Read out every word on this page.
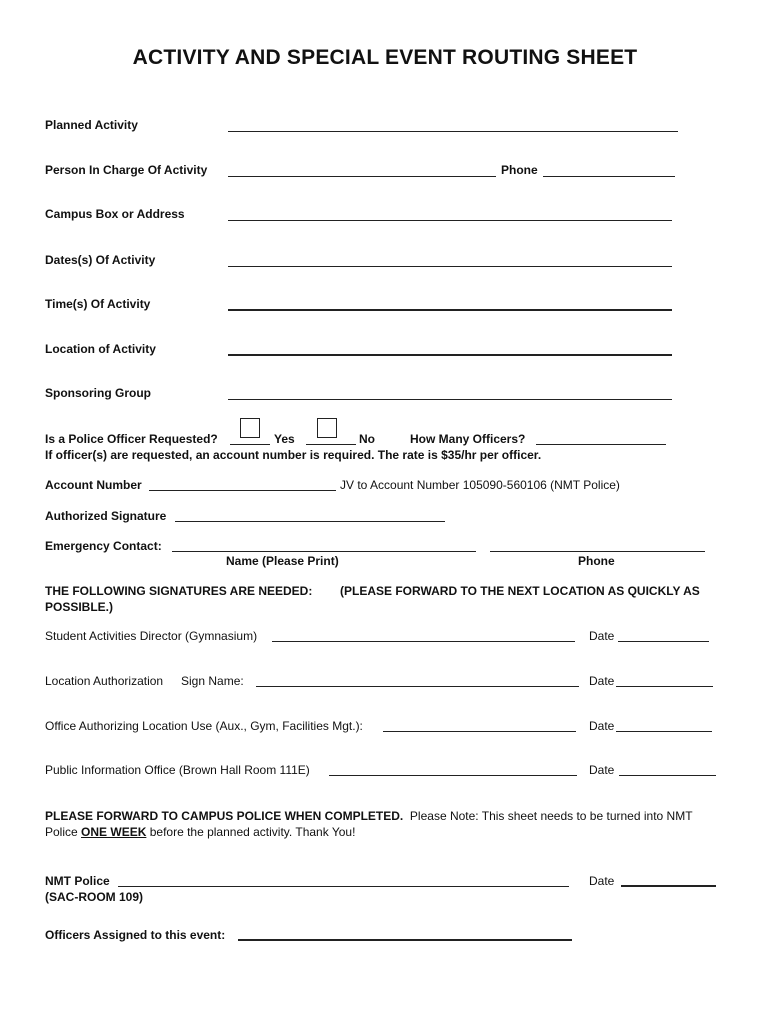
ACTIVITY AND SPECIAL EVENT ROUTING SHEET
Planned Activity
Person In Charge Of Activity	Phone
Campus Box or Address
Dates(s) Of Activity
Time(s) Of Activity
Location of Activity
Sponsoring Group
Is a Police Officer Requested?	Yes	No	How Many Officers?
If officer(s) are requested, an account number is required. The rate is $35/hr per officer.
Account Number	JV to Account Number 105090-560106 (NMT Police)
Authorized Signature
Emergency Contact:
Name (Please Print)	Phone
THE FOLLOWING SIGNATURES ARE NEEDED: (PLEASE FORWARD TO THE NEXT LOCATION AS QUICKLY AS
POSSIBLE.)
Student Activities Director (Gymnasium)	Date
Location Authorization Sign Name:	Date
Office Authorizing Location Use (Aux., Gym, Facilities Mgt.):	Date
Public Information Office (Brown Hall Room 111E)	Date
PLEASE FORWARD TO CAMPUS POLICE WHEN COMPLETED. Please Note: This sheet needs to be turned into NMT
Police ONE WEEK before the planned activity. Thank You!
NMT Police	Date
(SAC-ROOM 109)
Officers Assigned to this event:
